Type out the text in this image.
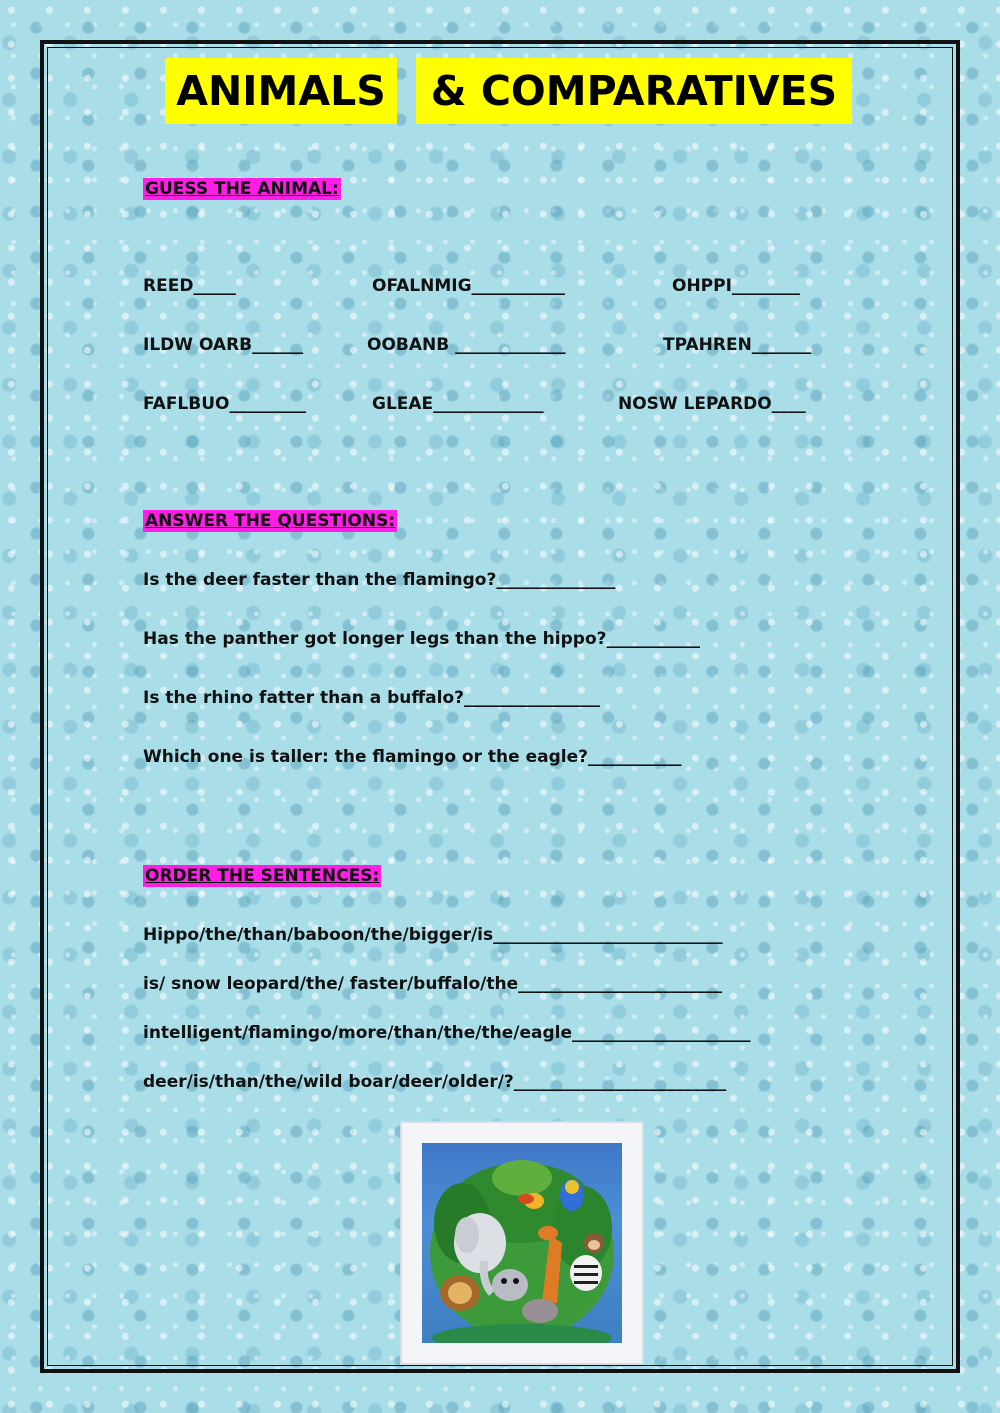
ANIMALS	& COMPARATIVES
GUESS THE ANIMAL:
REED_____	OFALNMIG___________	OHPPI________
ILDW OARB______	OOBANB _____________	TPAHREN_______
FAFLBUO_________	GLEAE_____________	NOSW LEPARDO____
ANSWER THE QUESTIONS:
Is the deer faster than the flamingo?______________
Has the panther got longer legs than the hippo?___________
Is the rhino fatter than a buffalo?________________
Which one is taller: the flamingo or the eagle?___________
ORDER THE SENTENCES:
Hippo/the/than/baboon/the/bigger/is___________________________
is/ snow leopard/the/ faster/buffalo/the________________________
intelligent/flamingo/more/than/the/the/eagle_____________________
deer/is/than/the/wild boar/deer/older/?_________________________
